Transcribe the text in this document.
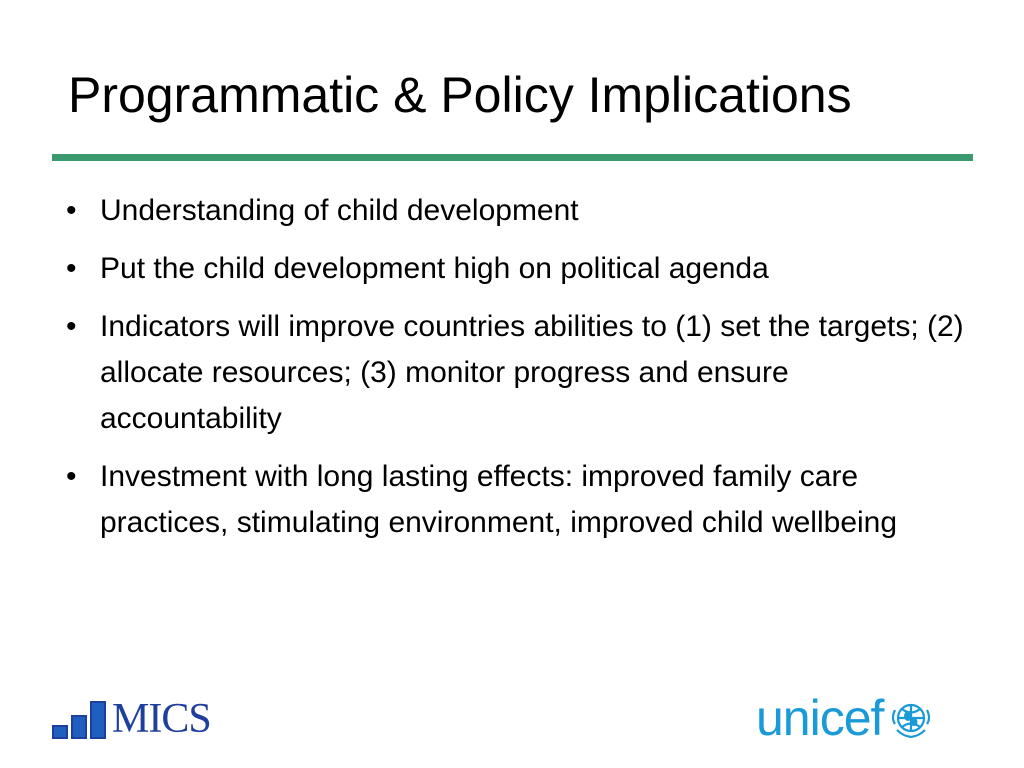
Programmatic & Policy Implications
• Understanding of child development
• Put the child development high on political agenda
• Indicators will improve countries abilities to (1) set the targets; (2) allocate resources; (3) monitor progress and ensure accountability
• Investment with long lasting effects: improved family care practices, stimulating environment, improved child wellbeing
MICS	unicef
